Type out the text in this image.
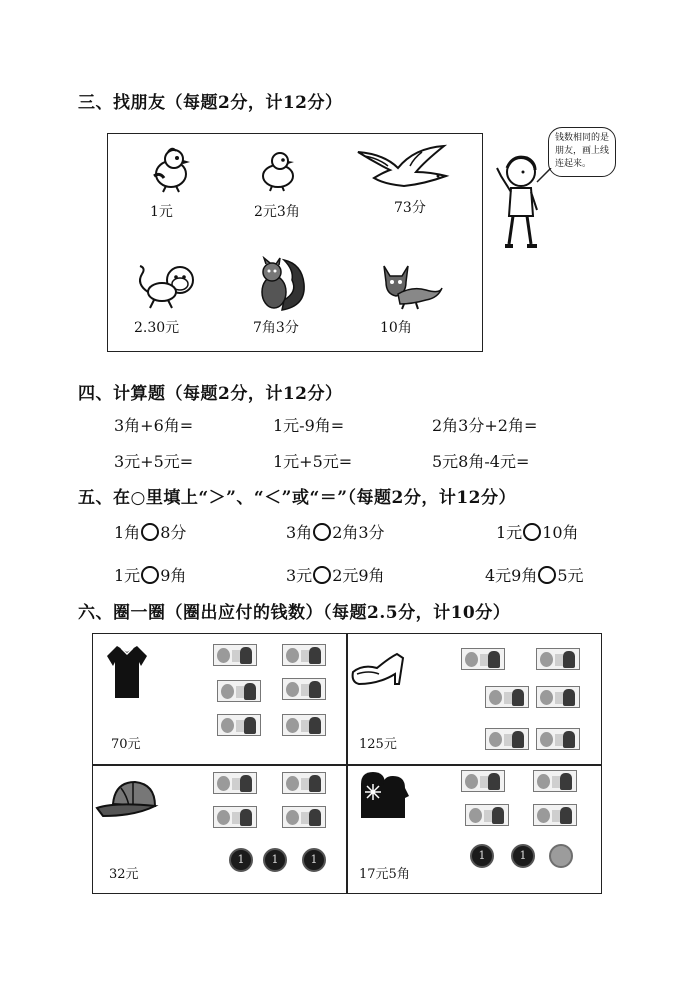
三、找朋友（每题2分，计12分）
1元	2元3角	73分
2.30元	7角3分	10角
钱数相同的是
朋友，画上线
连起来。
四、计算题（每题2分，计12分）
3角+6角=	1元-9角=	2角3分+2角=
3元+5元=	1元+5元=	5元8角-4元=
五、在○里填上“＞”、“＜”或“＝”（每题2分，计12分）
1角 8分	3角 2角3分	1元 10角
1元 9角	3元 2元9角	4元9角 5元
六、圈一圈（圈出应付的钱数）（每题2.5分，计10分）
70元	125元
32元
1	1	1
17元5角
1	1
